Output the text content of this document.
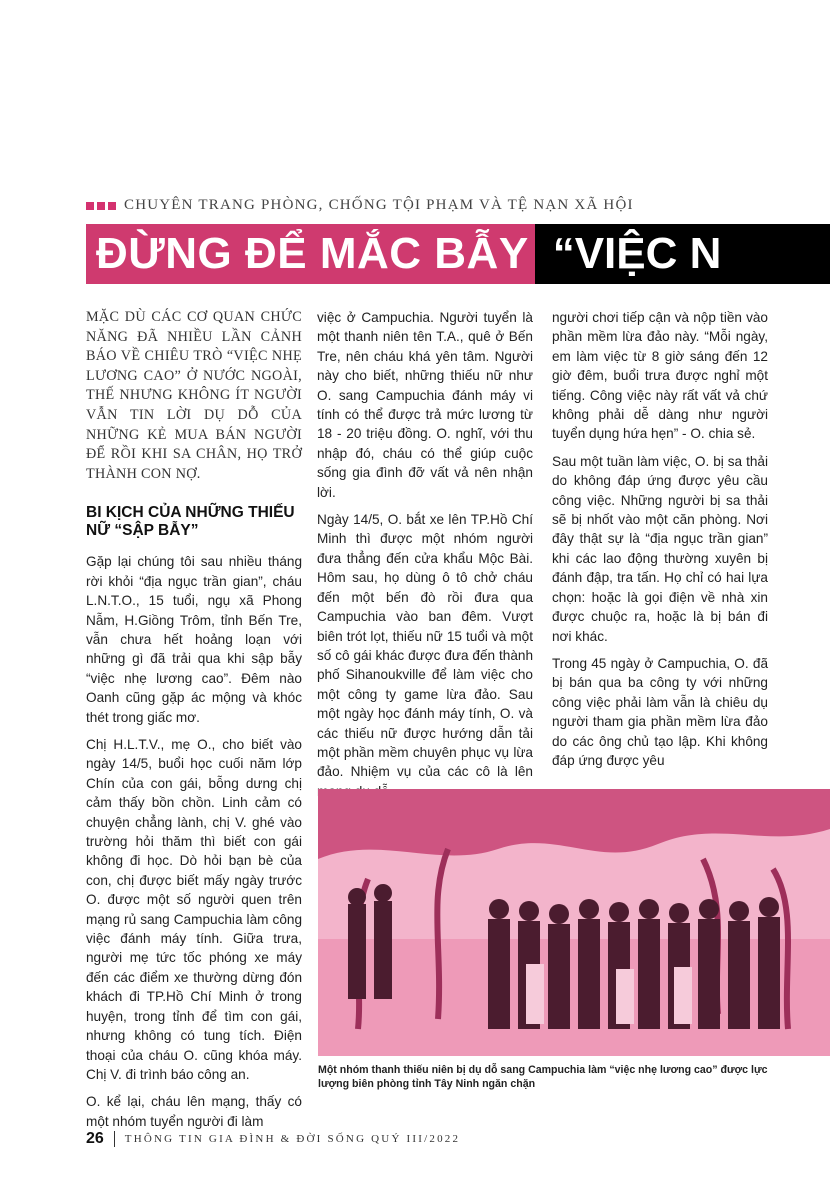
CHUYÊN TRANG PHÒNG, CHỐNG TỘI PHẠM VÀ TỆ NẠN XÃ HỘI
ĐỪNG ĐỂ MẮC BẪY “VIỆC N

MẶC DÙ CÁC CƠ QUAN CHỨC NĂNG ĐÃ NHIỀU LẦN CẢNH BÁO VỀ CHIÊU TRÒ “VIỆC NHẸ LƯƠNG CAO” Ở NƯỚC NGOÀI, THẾ NHƯNG KHÔNG ÍT NGƯỜI VẪN TIN LỜI DỤ DỖ CỦA NHỮNG KẺ MUA BÁN NGƯỜI ĐỂ RỒI KHI SA CHÂN, HỌ TRỞ THÀNH CON NỢ.

BI KỊCH CỦA NHỮNG THIẾU NỮ “SẬP BẪY”

Gặp lại chúng tôi sau nhiều tháng rời khỏi “địa ngục trần gian”, cháu L.N.T.O., 15 tuổi, ngụ xã Phong Nẫm, H.Giồng Trôm, tỉnh Bến Tre, vẫn chưa hết hoảng loạn với những gì đã trải qua khi sập bẫy “việc nhẹ lương cao”. Đêm nào Oanh cũng gặp ác mộng và khóc thét trong giấc mơ.

Chị H.L.T.V., mẹ O., cho biết vào ngày 14/5, buổi học cuối năm lớp Chín của con gái, bỗng dưng chị cảm thấy bồn chồn. Linh cảm có chuyện chẳng lành, chị V. ghé vào trường hỏi thăm thì biết con gái không đi học. Dò hỏi bạn bè của con, chị được biết mấy ngày trước O. được một số người quen trên mạng rủ sang Campuchia làm công việc đánh máy tính. Giữa trưa, người mẹ tức tốc phóng xe máy đến các điểm xe thường dừng đón khách đi TP.Hồ Chí Minh ở trong huyện, trong tỉnh để tìm con gái, nhưng không có tung tích. Điện thoại của cháu O. cũng khóa máy. Chị V. đi trình báo công an.

O. kể lại, cháu lên mạng, thấy có một nhóm tuyển người đi làm

việc ở Campuchia. Người tuyển là một thanh niên tên T.A., quê ở Bến Tre, nên cháu khá yên tâm. Người này cho biết, những thiếu nữ như O. sang Campuchia đánh máy vi tính có thể được trả mức lương từ 18 - 20 triệu đồng. O. nghĩ, với thu nhập đó, cháu có thể giúp cuộc sống gia đình đỡ vất vả nên nhận lời.

Ngày 14/5, O. bắt xe lên TP.Hồ Chí Minh thì được một nhóm người đưa thẳng đến cửa khẩu Mộc Bài. Hôm sau, họ dùng ô tô chở cháu đến một bến đò rồi đưa qua Campuchia vào ban đêm. Vượt biên trót lọt, thiếu nữ 15 tuổi và một số cô gái khác được đưa đến thành phố Sihanoukville để làm việc cho một công ty game lừa đảo. Sau một ngày học đánh máy tính, O. và các thiếu nữ được hướng dẫn tải một phần mềm chuyên phục vụ lừa đảo. Nhiệm vụ của các cô là lên

người chơi tiếp cận và nộp tiền vào phần mềm lừa đảo này. “Mỗi ngày, em làm việc từ 8 giờ sáng đến 12 giờ đêm, buổi trưa được nghỉ một tiếng. Công việc này rất vất vả chứ không phải dễ dàng như người tuyển dụng hứa hẹn” - O. chia sẻ.

Sau một tuần làm việc, O. bị sa thải do không đáp ứng được yêu cầu công việc. Những người bị sa thải sẽ bị nhốt vào một căn phòng. Nơi đây thật sự là “địa ngục trần gian” khi các lao động thường xuyên bị đánh đập, tra tấn. Họ chỉ có hai lựa chọn: hoặc là gọi điện về nhà xin được chuộc ra, hoặc là bị bán đi nơi khác.

Trong 45 ngày ở Campuchia, O. đã bị bán qua ba công ty với những công việc phải làm vẫn là chiêu dụ người tham gia phần mềm lừa đảo do các ông chủ tạo lập. Khi không đáp ứng được yêu

Một nhóm thanh thiếu niên bị dụ dỗ sang Campuchia làm “việc nhẹ lương cao” được lực lượng biên phòng tỉnh Tây Ninh ngăn chặn
26 THÔNG TIN GIA ĐÌNH & ĐỜI SỐNG QUÝ III/2022
